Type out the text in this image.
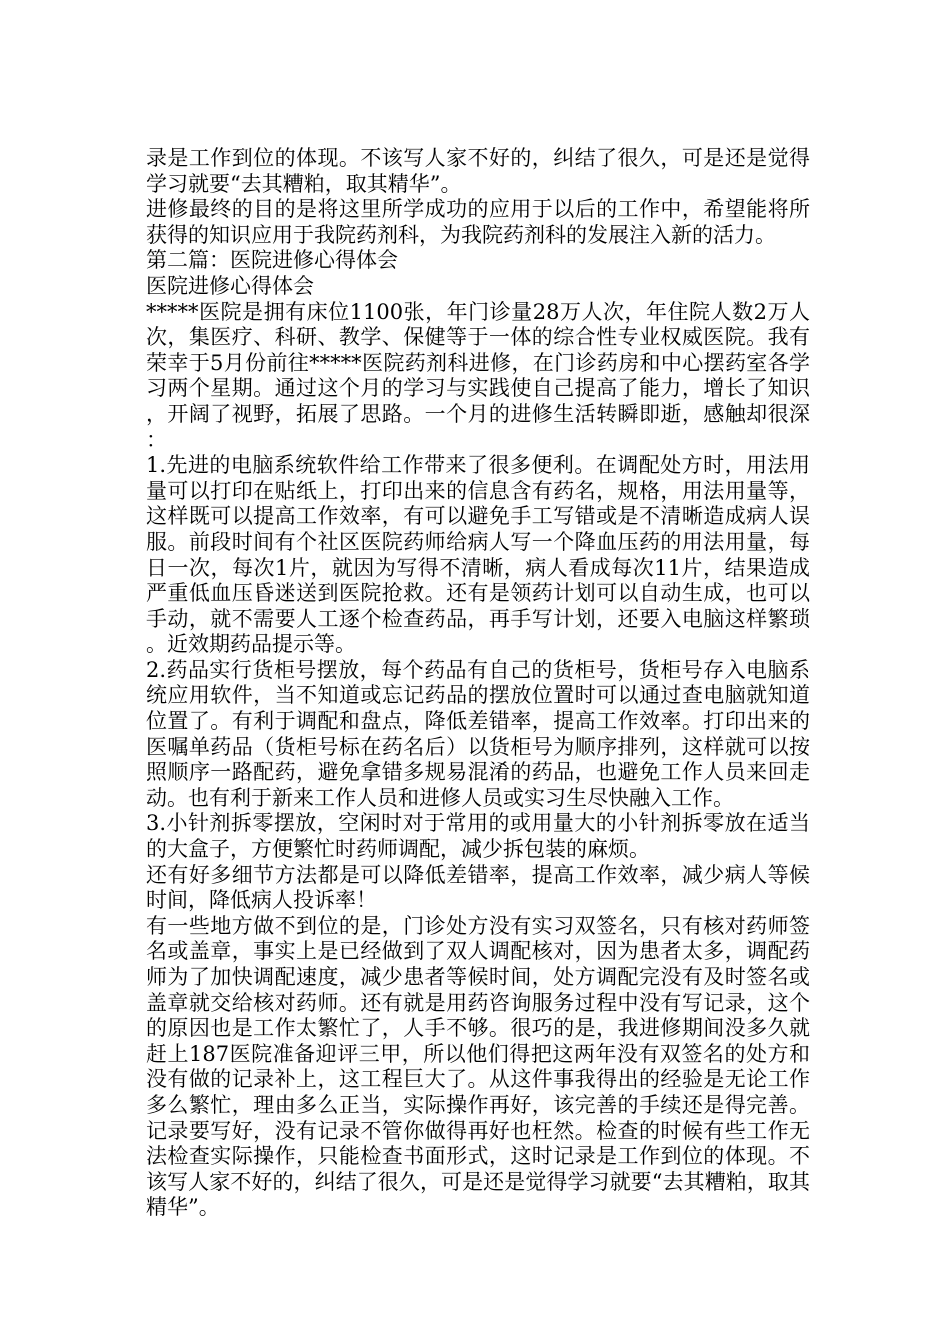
录是工作到位的体现。不该写人家不好的，纠结了很久，可是还是觉得学习就要“去其糟粕，取其精华”。

进修最终的目的是将这里所学成功的应用于以后的工作中，希望能将所获得的知识应用于我院药剂科，为我院药剂科的发展注入新的活力。

第二篇：医院进修心得体会

医院进修心得体会

*****医院是拥有床位1100张，年门诊量28万人次，年住院人数2万人次，集医疗、科研、教学、保健等于一体的综合性专业权威医院。我有荣幸于5月份前往*****医院药剂科进修，在门诊药房和中心摆药室各学习两个星期。通过这个月的学习与实践使自己提高了能力，增长了知识，开阔了视野，拓展了思路。一个月的进修生活转瞬即逝，感触却很深：

1.先进的电脑系统软件给工作带来了很多便利。在调配处方时，用法用量可以打印在贴纸上，打印出来的信息含有药名，规格，用法用量等，这样既可以提高工作效率，有可以避免手工写错或是不清晰造成病人误服。前段时间有个社区医院药师给病人写一个降血压药的用法用量，每日一次，每次1片，就因为写得不清晰，病人看成每次11片，结果造成严重低血压昏迷送到医院抢救。还有是领药计划可以自动生成，也可以手动，就不需要人工逐个检查药品，再手写计划，还要入电脑这样繁琐。近效期药品提示等。

2.药品实行货柜号摆放，每个药品有自己的货柜号，货柜号存入电脑系统应用软件，当不知道或忘记药品的摆放位置时可以通过查电脑就知道位置了。有利于调配和盘点，降低差错率，提高工作效率。打印出来的医嘱单药品（货柜号标在药名后）以货柜号为顺序排列，这样就可以按照顺序一路配药，避免拿错多规易混淆的药品，也避免工作人员来回走动。也有利于新来工作人员和进修人员或实习生尽快融入工作。

3.小针剂拆零摆放，空闲时对于常用的或用量大的小针剂拆零放在适当的大盒子，方便繁忙时药师调配，减少拆包装的麻烦。

还有好多细节方法都是可以降低差错率，提高工作效率，减少病人等候时间，降低病人投诉率！

有一些地方做不到位的是，门诊处方没有实习双签名，只有核对药师签名或盖章，事实上是已经做到了双人调配核对，因为患者太多，调配药师为了加快调配速度，减少患者等候时间，处方调配完没有及时签名或盖章就交给核对药师。还有就是用药咨询服务过程中没有写记录，这个的原因也是工作太繁忙了，人手不够。很巧的是，我进修期间没多久就赶上187医院准备迎评三甲，所以他们得把这两年没有双签名的处方和没有做的记录补上，这工程巨大了。从这件事我得出的经验是无论工作多么繁忙，理由多么正当，实际操作再好，该完善的手续还是得完善。记录要写好，没有记录不管你做得再好也枉然。检查的时候有些工作无法检查实际操作，只能检查书面形式，这时记录是工作到位的体现。不该写人家不好的，纠结了很久，可是还是觉得学习就要“去其糟粕，取其精华”。
